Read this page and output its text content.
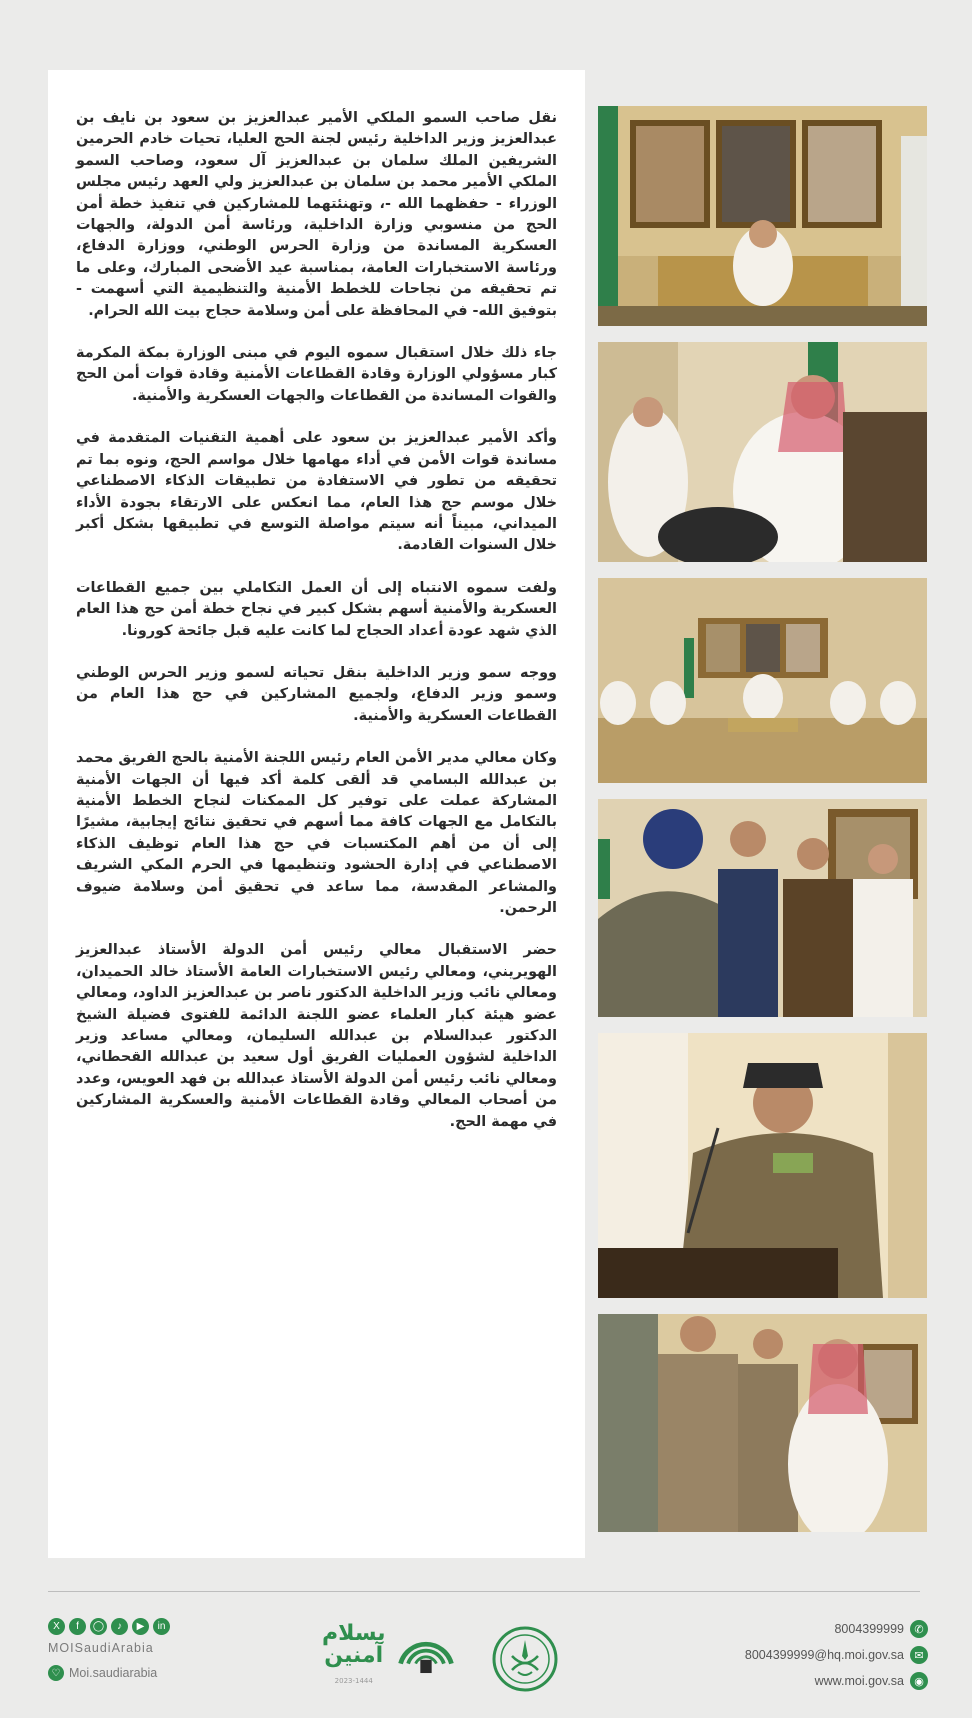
نقل صاحب السمو الملكي الأمير عبدالعزيز بن سعود بن نايف بن عبدالعزيز وزير الداخلية رئيس لجنة الحج العليا، تحيات خادم الحرمين الشريفين الملك سلمان بن عبدالعزيز آل سعود، وصاحب السمو الملكي الأمير محمد بن سلمان بن عبدالعزيز ولي العهد رئيس مجلس الوزراء - حفظهما الله -، وتهنئتهما للمشاركين في تنفيذ خطة أمن الحج من منسوبي وزارة الداخلية، ورئاسة أمن الدولة، والجهات العسكرية المساندة من وزارة الحرس الوطني، ووزارة الدفاع، ورئاسة الاستخبارات العامة، بمناسبة عيد الأضحى المبارك، وعلى ما تم تحقيقه من نجاحات للخطط الأمنية والتنظيمية التي أسهمت - بتوفيق الله- في المحافظة على أمن وسلامة حجاج بيت الله الحرام.

جاء ذلك خلال استقبال سموه اليوم في مبنى الوزارة بمكة المكرمة كبار مسؤولي الوزارة وقادة القطاعات الأمنية وقادة قوات أمن الحج والقوات المساندة من القطاعات والجهات العسكرية والأمنية.

وأكد الأمير عبدالعزيز بن سعود على أهمية التقنيات المتقدمة في مساندة قوات الأمن في أداء مهامها خلال مواسم الحج، ونوه بما تم تحقيقه من تطور في الاستفادة من تطبيقات الذكاء الاصطناعي خلال موسم حج هذا العام، مما انعكس على الارتقاء بجودة الأداء الميداني، مبيناً أنه سيتم مواصلة التوسع في تطبيقها بشكل أكبر خلال السنوات القادمة.

ولفت سموه الانتباه إلى أن العمل التكاملي بين جميع القطاعات العسكرية والأمنية أسهم بشكل كبير في نجاح خطة أمن حج هذا العام الذي شهد عودة أعداد الحجاج لما كانت عليه قبل جائحة كورونا.

ووجه سمو وزير الداخلية بنقل تحياته لسمو وزير الحرس الوطني وسمو وزير الدفاع، ولجميع المشاركين في حج هذا العام من القطاعات العسكرية والأمنية.

وكان معالي مدير الأمن العام رئيس اللجنة الأمنية بالحج الفريق محمد بن عبدالله البسامي قد ألقى كلمة أكد فيها أن الجهات الأمنية المشاركة عملت على توفير كل الممكنات لنجاح الخطط الأمنية بالتكامل مع الجهات كافة مما أسهم في تحقيق نتائج إيجابية، مشيرًا إلى أن من أهم المكتسبات في حج هذا العام توظيف الذكاء الاصطناعي في إدارة الحشود وتنظيمها في الحرم المكي الشريف والمشاعر المقدسة، مما ساعد في تحقيق أمن وسلامة ضيوف الرحمن.

حضر الاستقبال معالي رئيس أمن الدولة الأستاذ عبدالعزيز الهويريني، ومعالي رئيس الاستخبارات العامة الأستاذ خالد الحميدان، ومعالي نائب وزير الداخلية الدكتور ناصر بن عبدالعزيز الداود، ومعالي عضو هيئة كبار العلماء عضو اللجنة الدائمة للفتوى فضيلة الشيخ الدكتور عبدالسلام بن عبدالله السليمان، ومعالي مساعد وزير الداخلية لشؤون العمليات الفريق أول سعيد بن عبدالله القحطاني، ومعالي نائب رئيس أمن الدولة الأستاذ عبدالله بن فهد العويس، وعدد من أصحاب المعالي وقادة القطاعات الأمنية والعسكرية المشاركين في مهمة الحج.

8004399999 ✆
8004399999@hq.moi.gov.sa ✉
www.moi.gov.sa ◉
بسلام
آمنين
2023-1444
X	f	◯	♪	▶	in
MOISaudiArabia
♡ Moi.saudiarabia
